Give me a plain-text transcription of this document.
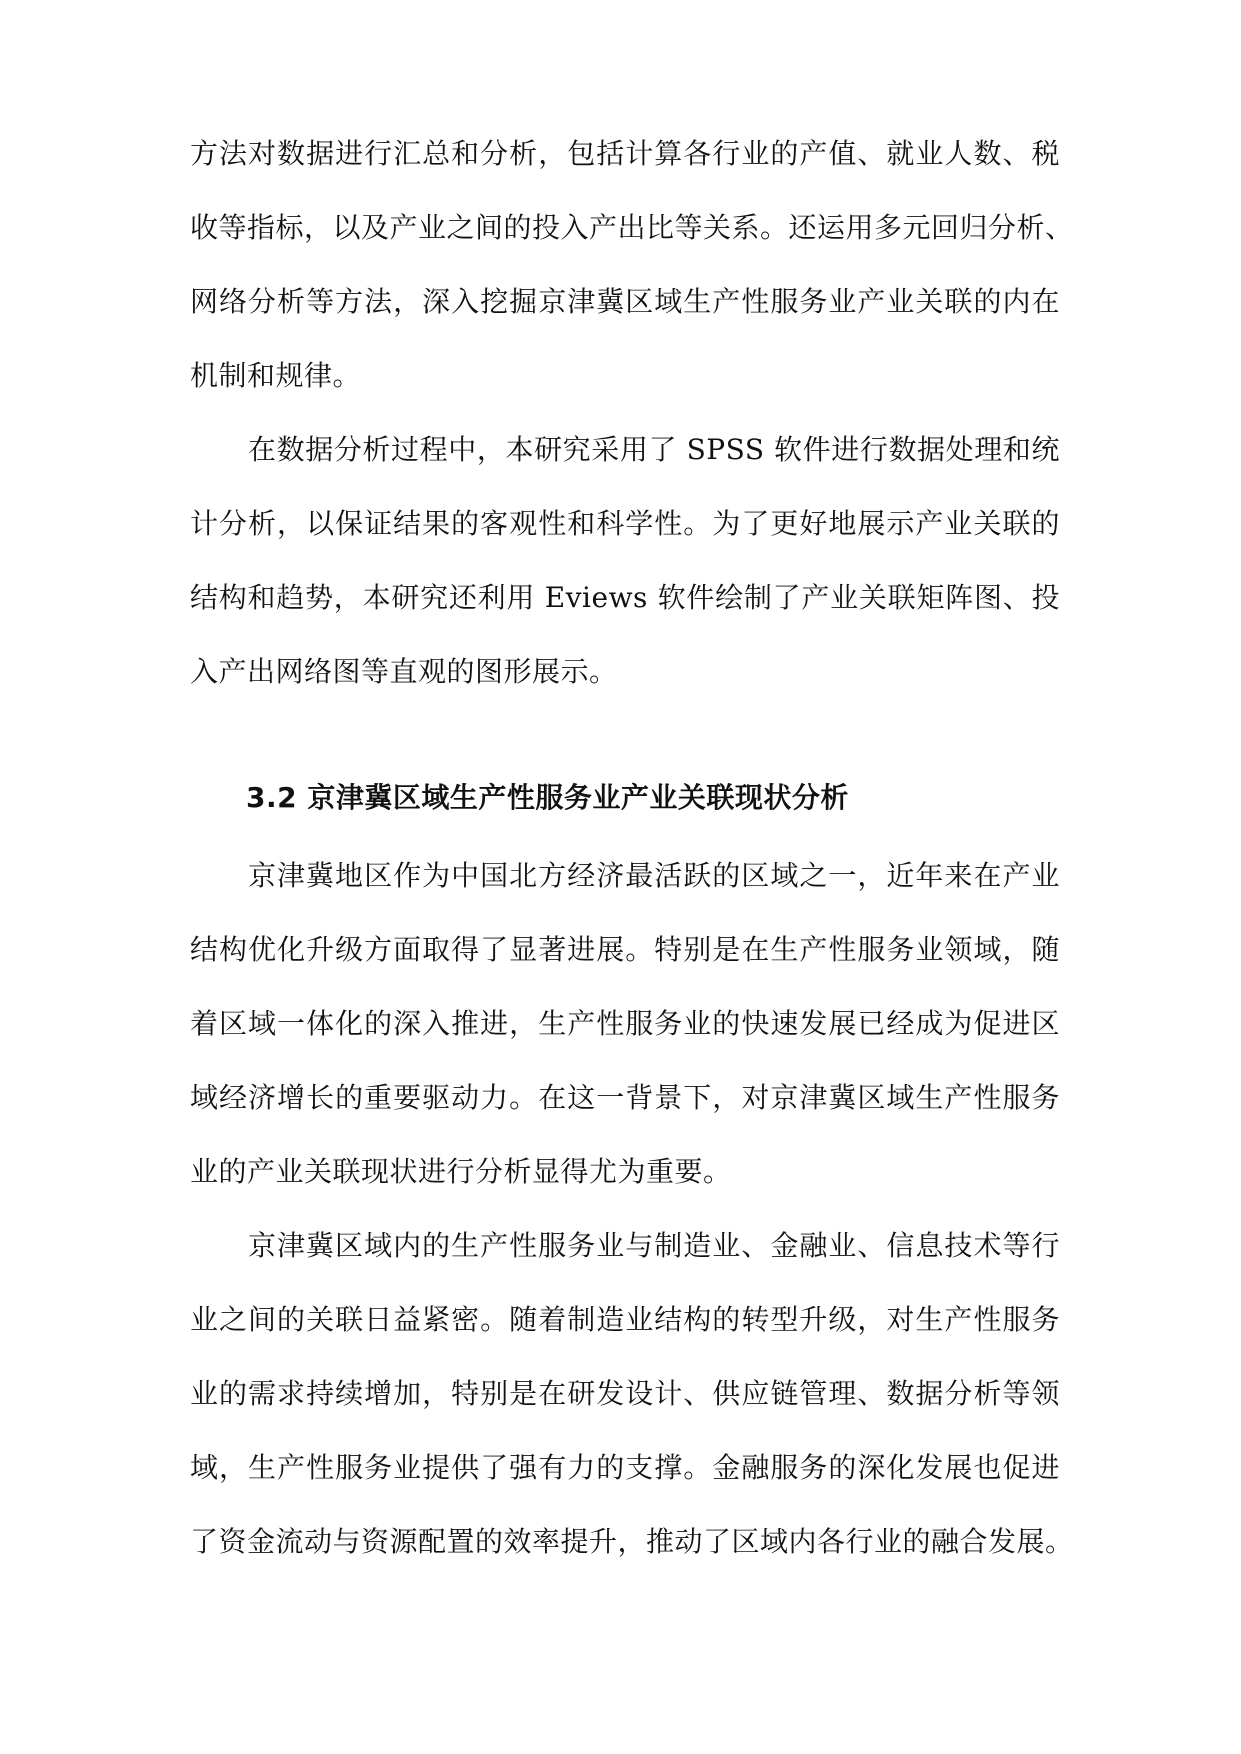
方法对数据进行汇总和分析，包括计算各行业的产值、就业人数、税
收等指标，以及产业之间的投入产出比等关系。还运用多元回归分析、
网络分析等方法，深入挖掘京津冀区域生产性服务业产业关联的内在
机制和规律。
在数据分析过程中，本研究采用了 SPSS 软件进行数据处理和统
计分析，以保证结果的客观性和科学性。为了更好地展示产业关联的
结构和趋势，本研究还利用 Eviews 软件绘制了产业关联矩阵图、投
入产出网络图等直观的图形展示。
3.2 京津冀区域生产性服务业产业关联现状分析
京津冀地区作为中国北方经济最活跃的区域之一，近年来在产业
结构优化升级方面取得了显著进展。特别是在生产性服务业领域，随
着区域一体化的深入推进，生产性服务业的快速发展已经成为促进区
域经济增长的重要驱动力。在这一背景下，对京津冀区域生产性服务
业的产业关联现状进行分析显得尤为重要。
京津冀区域内的生产性服务业与制造业、金融业、信息技术等行
业之间的关联日益紧密。随着制造业结构的转型升级，对生产性服务
业的需求持续增加，特别是在研发设计、供应链管理、数据分析等领
域，生产性服务业提供了强有力的支撑。金融服务的深化发展也促进
了资金流动与资源配置的效率提升，推动了区域内各行业的融合发展。
